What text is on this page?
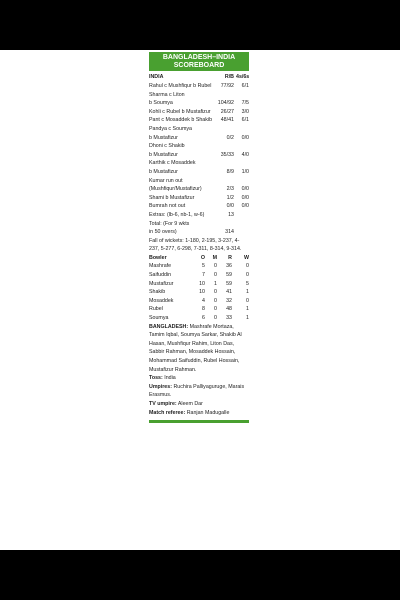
BANGLADESH–INDIA SCOREBOARD
INDIA	R/B 4s/6s
Rahul c Mushfiqur b Rubel	77/92	6/1
Sharma c Liton
b Soumya	104/92	7/5
Kohli c Rubel b Mustafizur	26/27	3/0
Pant c Mosaddek b Shakib	48/41	6/1
Pandya c Soumya
b Mustafizur	0/2	0/0
Dhoni c Shakib
b Mustafizur	35/33	4/0
Karthik c Mosaddek
b Mustafizur	8/9	1/0
Kumar run out
(Mushfiqur/Mustafizur)	2/3	0/0
Shami b Mustafizur	1/2	0/0
Bumrah not out	0/0	0/0
Extras: (lb-6, nb-1, w-6)	13
Total: (For 9 wkts
in 50 overs)	314
Fall of wickets: 1-180, 2-195, 3-237, 4-237, 5-277, 6-298, 7-311, 8-314, 9-314.
Bowler	O	M	R	W
Mashrafe	5	0	36	0
Saifuddin	7	0	59	0
Mustafizur	10	1	59	5
Shakib	10	0	41	1
Mosaddek	4	0	32	0
Rubel	8	0	48	1
Soumya	6	0	33	1
BANGLADESH: Mashrafe Mortaza, Tamim Iqbal, Soumya Sarkar, Shakib Al Hasan, Mushfiqur Rahim, Liton Das, Sabbir Rahman, Mosaddek Hossain, Mohammad Saifuddin, Rubel Hossain, Mustafizur Rahman.
Toss: India
Umpires: Ruchira Palliyaguruge, Marais Erasmus.
TV umpire: Aleem Dar
Match referee: Ranjan Madugalle
